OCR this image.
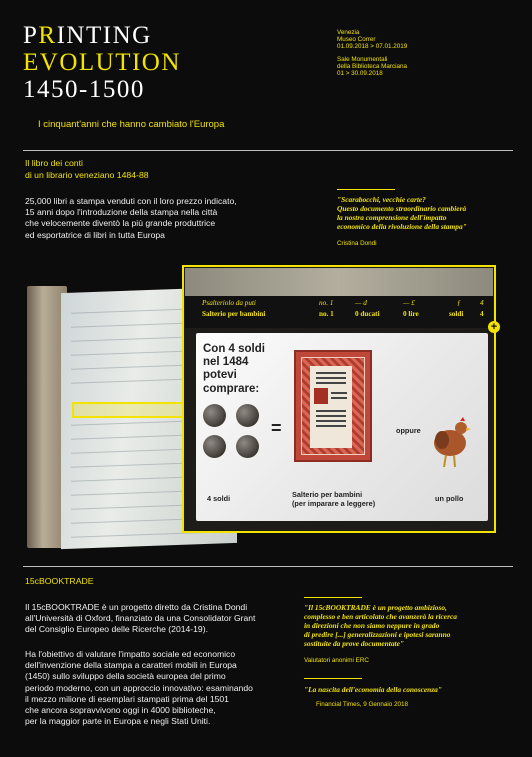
PRINTING
EVOLUTION
1450-1500
I cinquant'anni che hanno cambiato l'Europa
Venezia
Museo Correr
01.09.2018 > 07.01.2019
Sale Monumentali
della Biblioteca Marciana
01 > 30.09.2018
Il libro dei conti
di un librario veneziano 1484-88
25,000 libri a stampa venduti con il loro prezzo indicato,
15 anni dopo l'introduzione della stampa nella città
che velocemente diventò la più grande produttrice
ed esportatrice di libri in tutta Europa
"Scarabocchi, vecchie carte?
Questo documento straordinario cambierà
la nostra comprensione dell'impatto
economico della rivoluzione della stampa"
Cristina Dondi
Psalteriolo da puti	no. 1	— d	— £	ƒ	4
Salterio per bambini	no. 1	0 ducati	0 lire	soldi 4
+
Con 4 soldi
nel 1484
potevi
comprare:
4 soldi
=
Salterio per bambini
(per imparare a leggere)
oppure
un pollo
15cBOOKTRADE
Il 15cBOOKTRADE è un progetto diretto da Cristina Dondi
all'Università di Oxford, finanziato da una Consolidator Grant
del Consiglio Europeo delle Ricerche (2014-19).
Ha l'obiettivo di valutare l'impatto sociale ed economico
dell'invenzione della stampa a caratteri mobili in Europa
(1450) sullo sviluppo della società europea del primo
periodo moderno, con un approccio innovativo: esaminando
il mezzo milione di esemplari stampati prima del 1501
che ancora sopravvivono oggi in 4000 biblioteche,
per la maggior parte in Europa e negli Stati Uniti.
"Il 15cBOOKTRADE è un progetto ambizioso,
complesso e ben articolato che avanzerà la ricerca
in direzioni che non siamo neppure in grado
di predire [...] generalizzazioni e ipotesi saranno
sostituite da prove documentate"
Valutatori anonimi ERC
"La nascita dell'economia della conoscenza"
Financial Times, 9 Gennaio 2018
